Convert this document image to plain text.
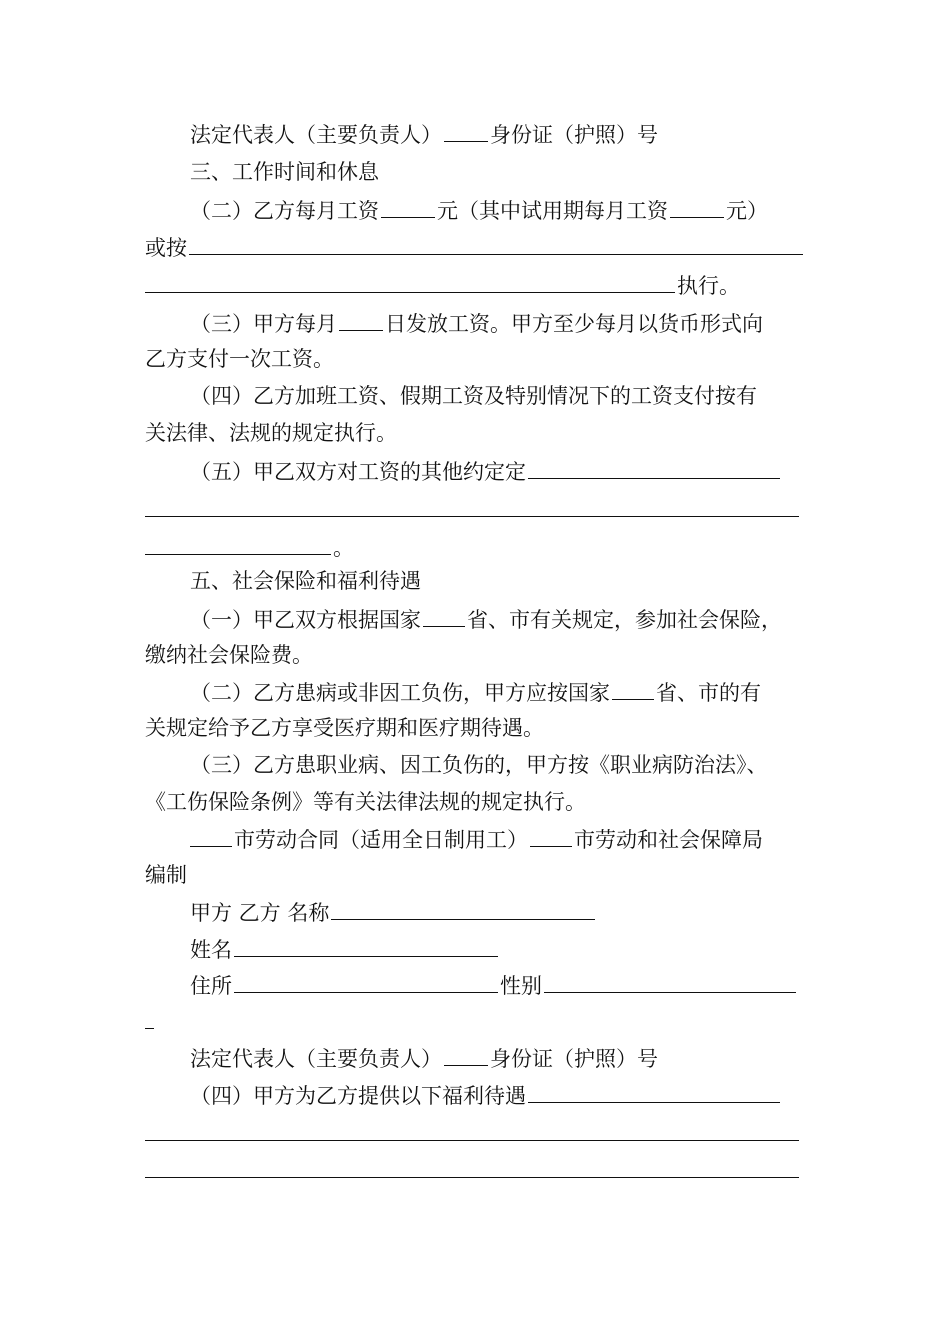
法定代表人（主要负责人） 身份证（护照）号
三、工作时间和休息
（二）乙方每月工资	元（其中试用期每月工资	元）
或按
执行。
（三）甲方每月 日发放工资。甲方至少每月以货币形式向
乙方支付一次工资。
（四）乙方加班工资、假期工资及特别情况下的工资支付按有
关法律、法规的规定执行。
（五）甲乙双方对工资的其他约定定
。
五、社会保险和福利待遇
（一）甲乙双方根据国家 省、市有关规定，参加社会保险，
缴纳社会保险费。
（二）乙方患病或非因工负伤，甲方应按国家 省、市的有
关规定给予乙方享受医疗期和医疗期待遇。
（三）乙方患职业病、因工负伤的，甲方按《职业病防治法》、
《工伤保险条例》等有关法律法规的规定执行。
市劳动合同（适用全日制用工） 市劳动和社会保障局
编制
甲方 乙方 名称
姓名
住所	性别
法定代表人（主要负责人） 身份证（护照）号
（四）甲方为乙方提供以下福利待遇
